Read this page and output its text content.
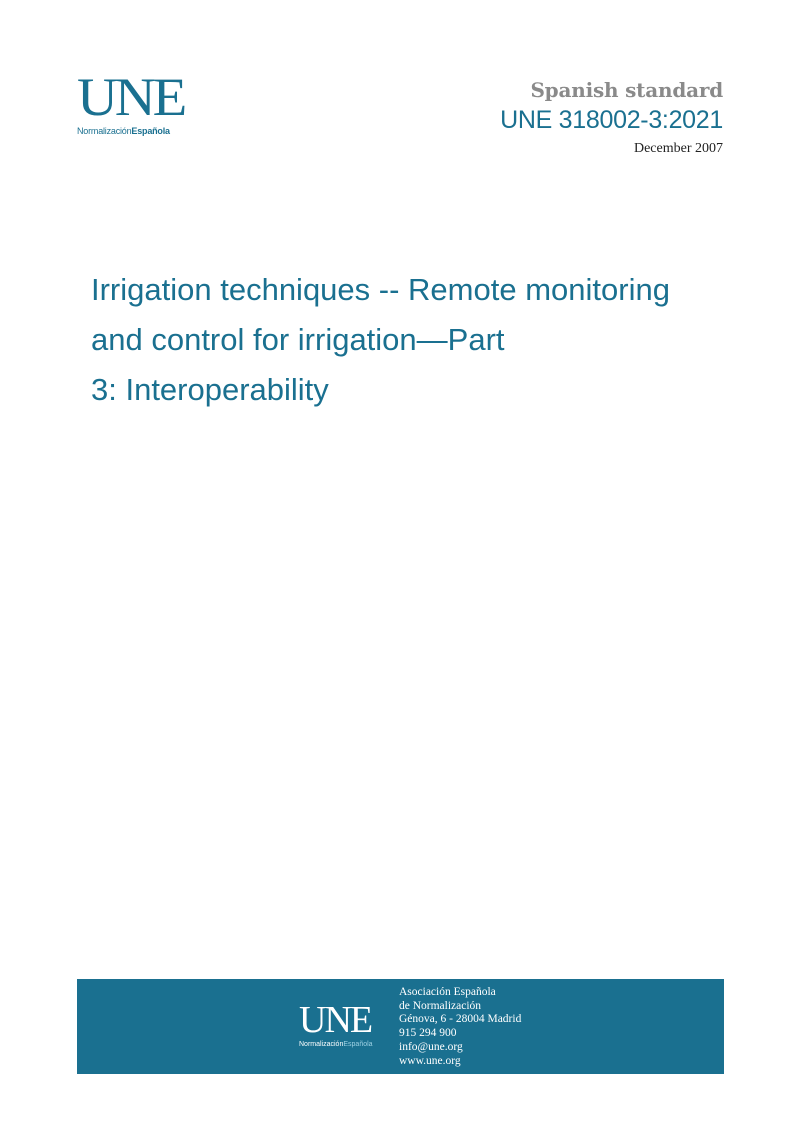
UNE
NormalizaciónEspañola
Spanish standard
UNE 318002-3:2021
December 2007
Irrigation techniques -- Remote monitoring
and control for irrigation—Part
3: Interoperability
UNE
NormalizaciónEspañola
Asociación Española
de Normalización
Génova, 6 - 28004 Madrid
915 294 900
info@une.org
www.une.org
